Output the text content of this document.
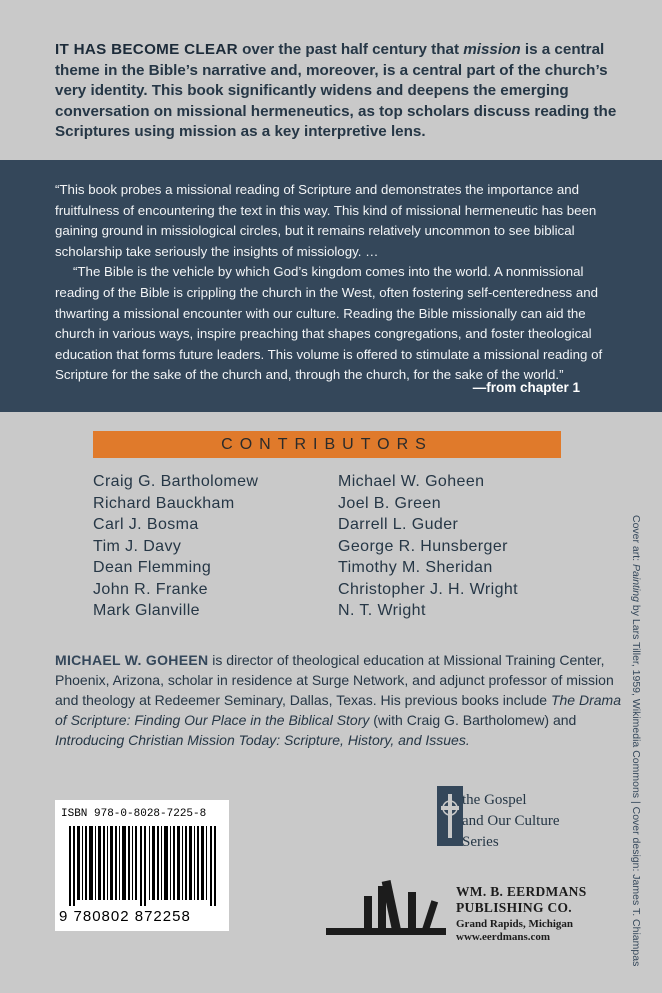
IT HAS BECOME CLEAR over the past half century that mission is a central theme in the Bible’s narrative and, moreover, is a central part of the church’s very identity. This book significantly widens and deepens the emerging conversation on missional hermeneutics, as top scholars discuss reading the Scriptures using mission as a key interpretive lens.

“This book probes a missional reading of Scripture and demonstrates the importance and fruitfulness of encountering the text in this way. This kind of missional hermeneutic has been gaining ground in missiological circles, but it remains relatively uncommon to see biblical scholarship take seriously the insights of missiology. …

“The Bible is the vehicle by which God’s kingdom comes into the world. A nonmissional reading of the Bible is crippling the church in the West, often fostering self-centeredness and thwarting a missional encounter with our culture. Reading the Bible missionally can aid the church in various ways, inspire preaching that shapes congregations, and foster theological education that forms future leaders. This volume is offered to stimulate a missional reading of Scripture for the sake of the church and, through the church, for the sake of the world.”

—from chapter 1
CONTRIBUTORS
Craig G. Bartholomew
Richard Bauckham
Carl J. Bosma
Tim J. Davy
Dean Flemming
John R. Franke
Mark Glanville
Michael W. Goheen
Joel B. Green
Darrell L. Guder
George R. Hunsberger
Timothy M. Sheridan
Christopher J. H. Wright
N. T. Wright
MICHAEL W. GOHEEN is director of theological education at Missional Training Center, Phoenix, Arizona, scholar in residence at Surge Network, and adjunct professor of mission and theology at Redeemer Seminary, Dallas, Texas. His previous books include The Drama of Scripture: Finding Our Place in the Biblical Story (with Craig G. Bartholomew) and Introducing Christian Mission Today: Scripture, History, and Issues.
ISBN 978-0-8028-7225-8
9 780802 872258
the Gospel
and Our Culture
Series
WM. B. EERDMANS
PUBLISHING CO.
Grand Rapids, Michigan
www.eerdmans.com
Cover art: Painting by Lars Tiller, 1959, Wikimedia Commons | Cover design: James T. Chiampas
